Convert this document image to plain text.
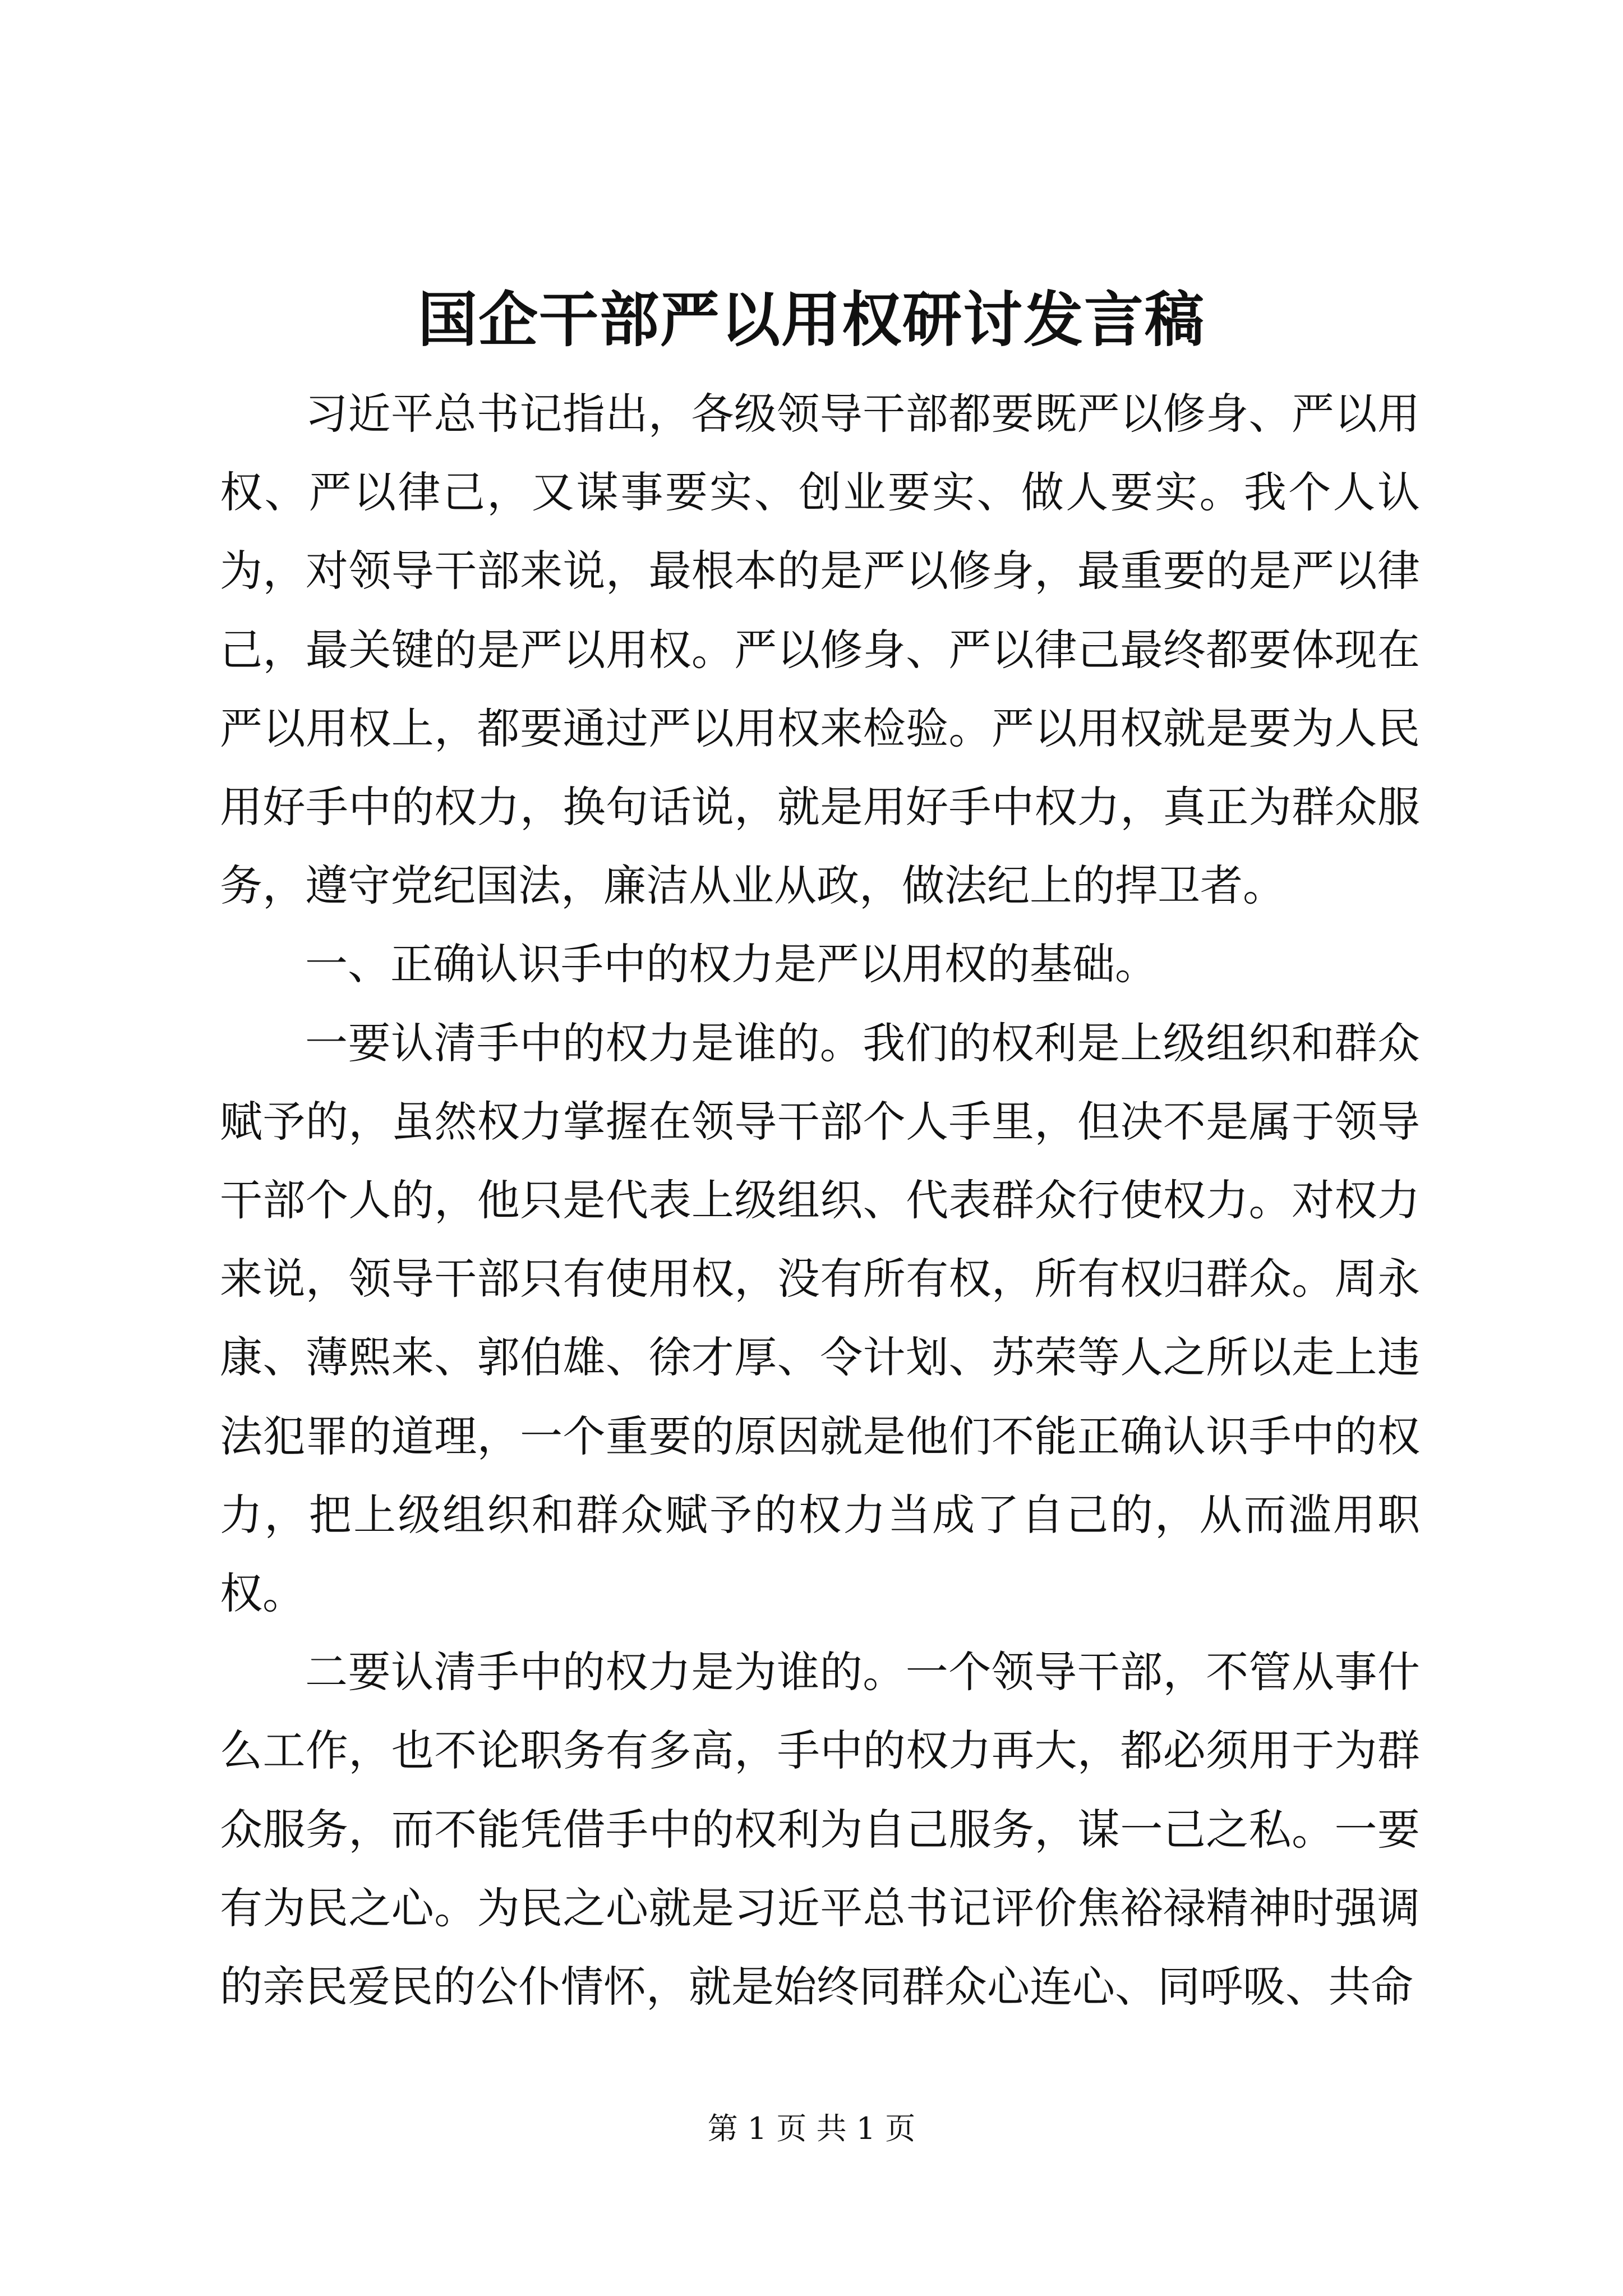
国企干部严以用权研讨发言稿

习近平总书记指出，各级领导干部都要既严以修身、严以用权、严以律己，又谋事要实、创业要实、做人要实。我个人认为，对领导干部来说，最根本的是严以修身，最重要的是严以律己，最关键的是严以用权。严以修身、严以律己最终都要体现在严以用权上，都要通过严以用权来检验。严以用权就是要为人民用好手中的权力，换句话说，就是用好手中权力，真正为群众服务，遵守党纪国法，廉洁从业从政，做法纪上的捍卫者。

一、正确认识手中的权力是严以用权的基础。

一要认清手中的权力是谁的。我们的权利是上级组织和群众赋予的，虽然权力掌握在领导干部个人手里，但决不是属于领导干部个人的，他只是代表上级组织、代表群众行使权力。对权力来说，领导干部只有使用权，没有所有权，所有权归群众。周永康、薄熙来、郭伯雄、徐才厚、令计划、苏荣等人之所以走上违法犯罪的道理，一个重要的原因就是他们不能正确认识手中的权力，把上级组织和群众赋予的权力当成了自己的，从而滥用职权。

二要认清手中的权力是为谁的。一个领导干部，不管从事什么工作，也不论职务有多高，手中的权力再大，都必须用于为群众服务，而不能凭借手中的权利为自己服务，谋一己之私。一要有为民之心。为民之心就是习近平总书记评价焦裕禄精神时强调的亲民爱民的公仆情怀，就是始终同群众心连心、同呼吸、共命

第 1 页 共 1 页
